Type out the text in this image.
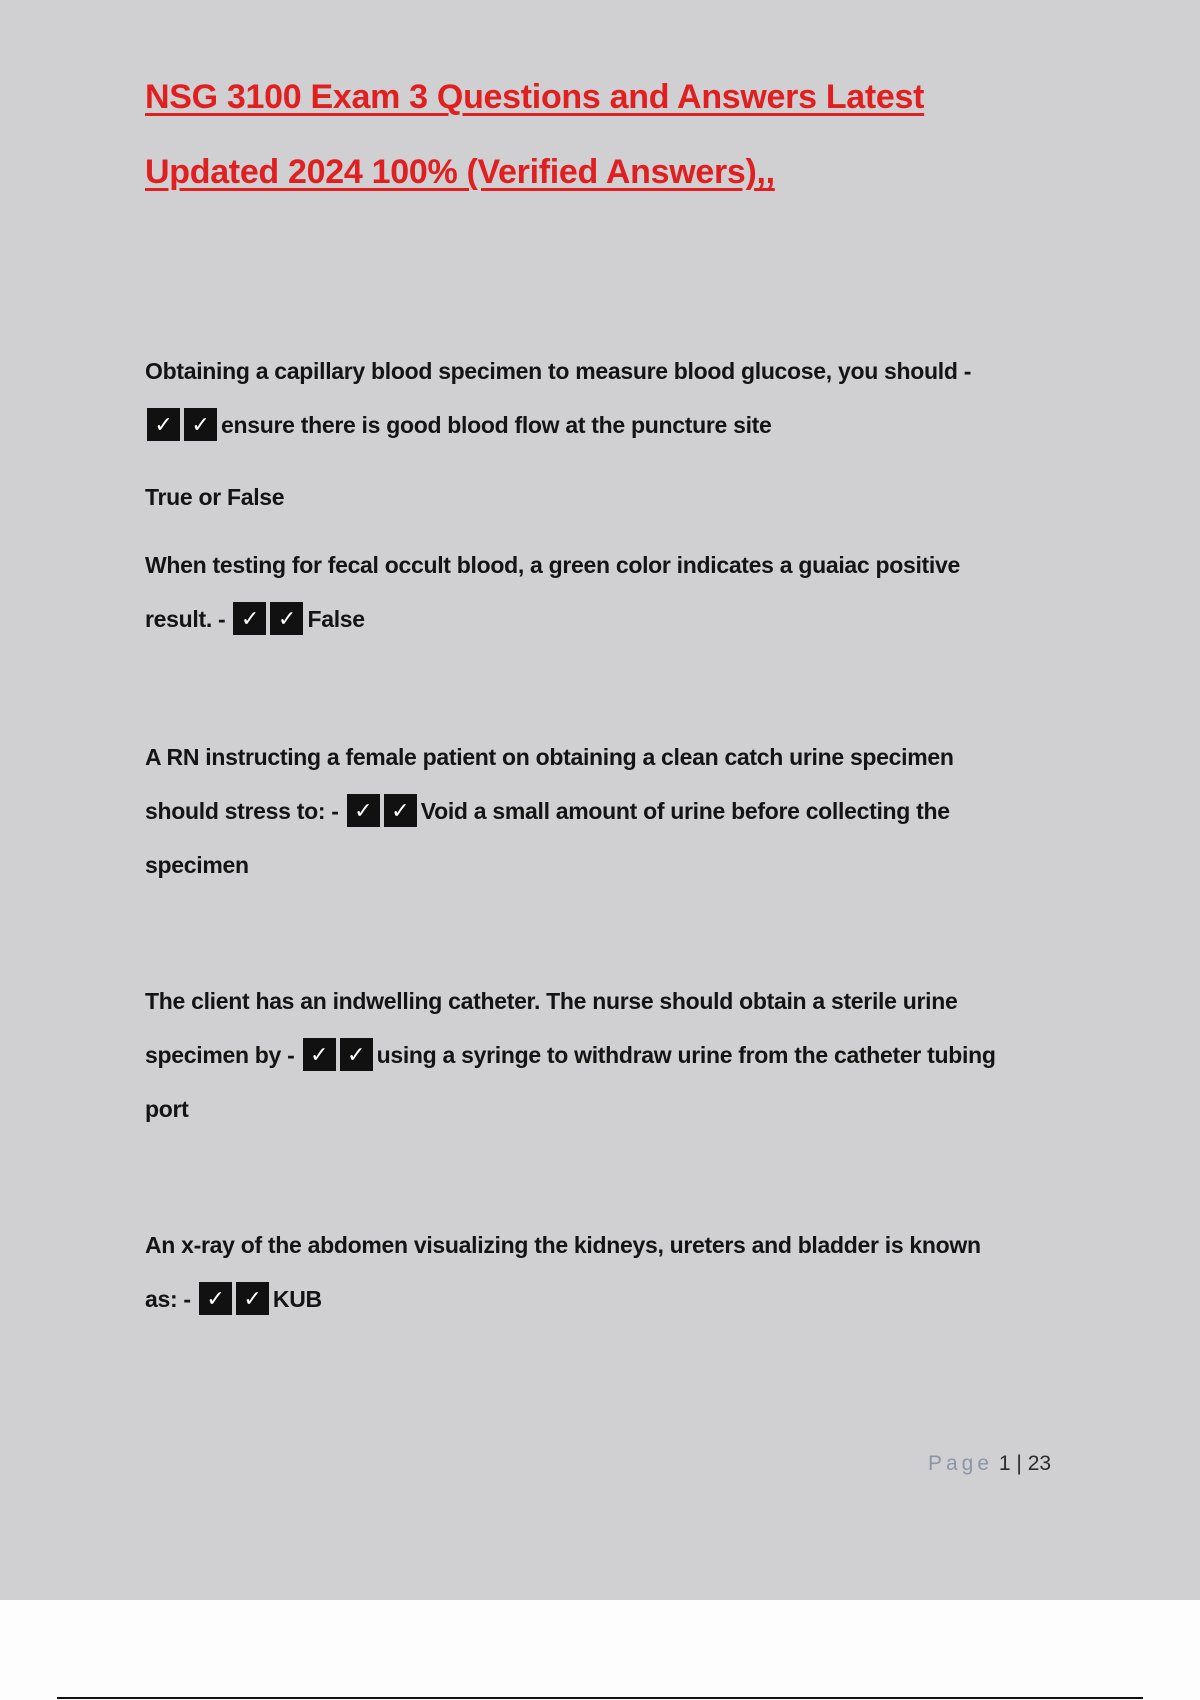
NSG 3100 Exam 3 Questions and Answers Latest
Updated 2024 100% (Verified Answers),,
Obtaining a capillary blood specimen to measure blood glucose, you should -
✓ ✓ ensure there is good blood flow at the puncture site
True or False
When testing for fecal occult blood, a green color indicates a guaiac positive
result. - ✓ ✓ False
A RN instructing a female patient on obtaining a clean catch urine specimen
should stress to: - ✓ ✓ Void a small amount of urine before collecting the
specimen
The client has an indwelling catheter. The nurse should obtain a sterile urine
specimen by - ✓ ✓ using a syringe to withdraw urine from the catheter tubing
port
An x-ray of the abdomen visualizing the kidneys, ureters and bladder is known
as: - ✓ ✓ KUB
Page 1 | 23
